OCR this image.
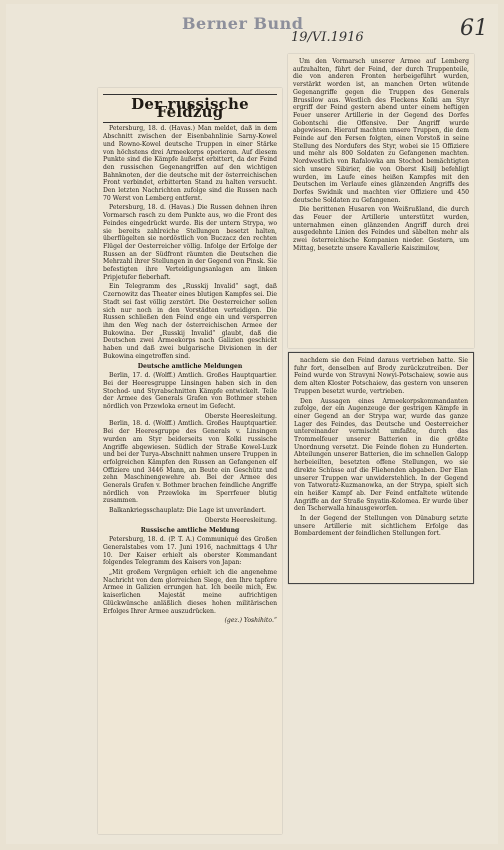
Berner Bund
19/VI.1916	61
Der russische Feldzug

Petersburg, 18. d. (Havas.) Man meldet, daß in dem Abschnitt zwischen der Eisenbahnlinie Sarny-Kowel und Rowno-Kowel deutsche Truppen in einer Stärke von höchstens drei Armeekorps operieren. Auf diesem Punkte sind die Kämpfe äußerst erbittert, da der Feind den russischen Gegenangriffen auf den wichtigen Bahnknoten, der die deutsche mit der österreichischen Front verbindet, erbitterten Stand zu halten versucht. Den letzten Nachrichten zufolge sind die Russen nach 70 Werst von Lemberg entfernt.

Petersburg, 18. d. (Havas.) Die Russen dehnen ihren Vormarsch rasch zu dem Punkte aus, wo die Front des Feindes eingedrückt wurde. Bis der untern Strypa, wo sie bereits zahlreiche Stellungen besetzt halten, überflügelten sie nordöstlich von Buczacz den rechten Flügel der Oesterreicher völlig. Infolge der Erfolge der Russen an der Südfront räumten die Deutschen die Mehrzahl ihrer Stellungen in der Gegend von Pinsk. Sie befestigten ihre Verteidigungsanlagen am linken Pripjetufer fieberhaft.

Ein Telegramm des „Russkij Invalid“ sagt, daß Czernowitz das Theater eines blutigen Kampfes sei. Die Stadt sei fast völlig zerstört. Die Oesterreicher sollen sich nur noch in den Vorstädten verteidigen. Die Russen schließen den Feind enge ein und versperren ihm den Weg nach der österreichischen Armee der Bukowina. Der „Russkij Invalid“ glaubt, daß die Deutschen zwei Armeekorps nach Galizien geschickt haben und daß zwei bulgarische Divisionen in der Bukowina eingetroffen sind.

Deutsche amtliche Meldungen

Berlin, 17. d. (Wolff.) Amtlich. Großes Hauptquartier. Bei der Heeresgruppe Linsingen haben sich in den Stochod- und Styrabschnitten Kämpfe entwickelt. Teile der Armee des Generals Grafen von Bothmer stehen nördlich von Przewloka erneut im Gefecht.

Oberste Heeresleitung.

Berlin, 18. d. (Wolff.) Amtlich. Großes Hauptquartier. Bei der Heeresgruppe des Generals v. Linsingen wurden am Styr beiderseits von Kolki russische Angriffe abgewiesen. Südlich der Straße Kowel-Luzk und bei der Turya-Abschnitt nahmen unsere Truppen in erfolgreichen Kämpfen den Russen an Gefangenen elf Offiziere und 3446 Mann, an Beute ein Geschütz und zehn Maschinengewehre ab. Bei der Armee des Generals Grafen v. Bothmer brachen feindliche Angriffe nördlich von Przewloka im Sperrfeuer blutig zusammen.

Balkankriegsschauplatz: Die Lage ist unverändert.

Oberste Heeresleitung.
Russische amtliche Meldung

Petersburg, 18. d. (P. T. A.) Communiqué des Großen Generalstabes vom 17. Juni 1916, nachmittags 4 Uhr 10. Der Kaiser erhielt als oberster Kommandant folgendes Telegramm des Kaisers von Japan:

„Mit großem Vergnügen erhielt ich die angenehme Nachricht von dem glorreichen Siege, den Ihre tapfere Armee in Galizien errungen hat. Ich beeile mich, Ew. kaiserlichen Majestät meine aufrichtigen Glückwünsche anläßlich dieses hohen militärischen Erfolges Ihrer Armee auszudrücken.

(gez.) Yoshihito.“

Um den Vormarsch unserer Armee auf Lemberg aufzuhalten, führt der Feind, der durch Truppenteile, die von anderen Fronten herbeigeführt wurden, verstärkt worden ist, an manchen Orten wütende Gegenangriffe gegen die Truppen des Generals Brussilow aus. Westlich des Fleckens Kolki am Styr ergriff der Feind gestern abend unter einem heftigen Feuer unserer Artillerie in der Gegend des Dorfes Gobontschi die Offensive. Der Angriff wurde abgewiesen. Hierauf machten unsere Truppen, die dem Feinde auf den Fersen folgten, einen Vorstoß in seine Stellung des Nordufers des Styr, wobei sie 15 Offiziere und mehr als 800 Soldaten zu Gefangenen machten. Nordwestlich von Rafalowka am Stochod bemächtigten sich unsere Sibirier, die von Oberst Kisilj befehligt wurden, im Laufe eines heißen Kampfes mit den Deutschen im Verlaufe eines glänzenden Angriffs des Dorfes Swidnik und machten vier Offiziere und 450 deutsche Soldaten zu Gefangenen.

Die berittenen Husaren von Weißrußland, die durch das Feuer der Artillerie unterstützt wurden, unternahmen einen glänzenden Angriff durch drei ausgedehnte Linien des Feindes und säbelten mehr als zwei österreichische Kompanien nieder. Gestern, um Mittag, besetzte unsere Kavallerie Kaiszimilow,

nachdem sie den Feind daraus vertrieben hatte. Sie fuhr fort, denselben auf Brody zurückzutreiben. Der Feind wurde von Stravyni Nowyi-Potschaiew, sowie aus dem alten Kloster Potschaiew, das gestern von unseren Truppen besetzt wurde, vertrieben.

Den Aussagen eines Armeekorpskommandanten zufolge, der ein Augenzeuge der gestrigen Kämpfe in einer Gegend an der Strypa war, wurde das ganze Lager des Feindes, das Deutsche und Oesterreicher untereinander vermischt umfaßte, durch das Trommelfeuer unserer Batterien in die größte Unordnung versetzt. Die Feinde flohen zu Hunderten. Abteilungen unserer Batterien, die im schnellen Galopp herbeieilten, besetzten offene Stellungen, wo sie direkte Schüsse auf die Fliehenden abgaben. Der Elan unserer Truppen war unwiderstehlich. In der Gegend von Tatworatz-Kuzmanowka, an der Strypa, spielt sich ein heißer Kampf ab. Der Feind entfaltete wütende Angriffe an der Straße Snyatin-Kolomea. Er wurde über den Tscherwalla hinausgeworfen.

In der Gegend der Stellungen von Dünaburg setzte unsere Artillerie mit sichtlichem Erfolge das Bombardement der feindlichen Stellungen fort.
